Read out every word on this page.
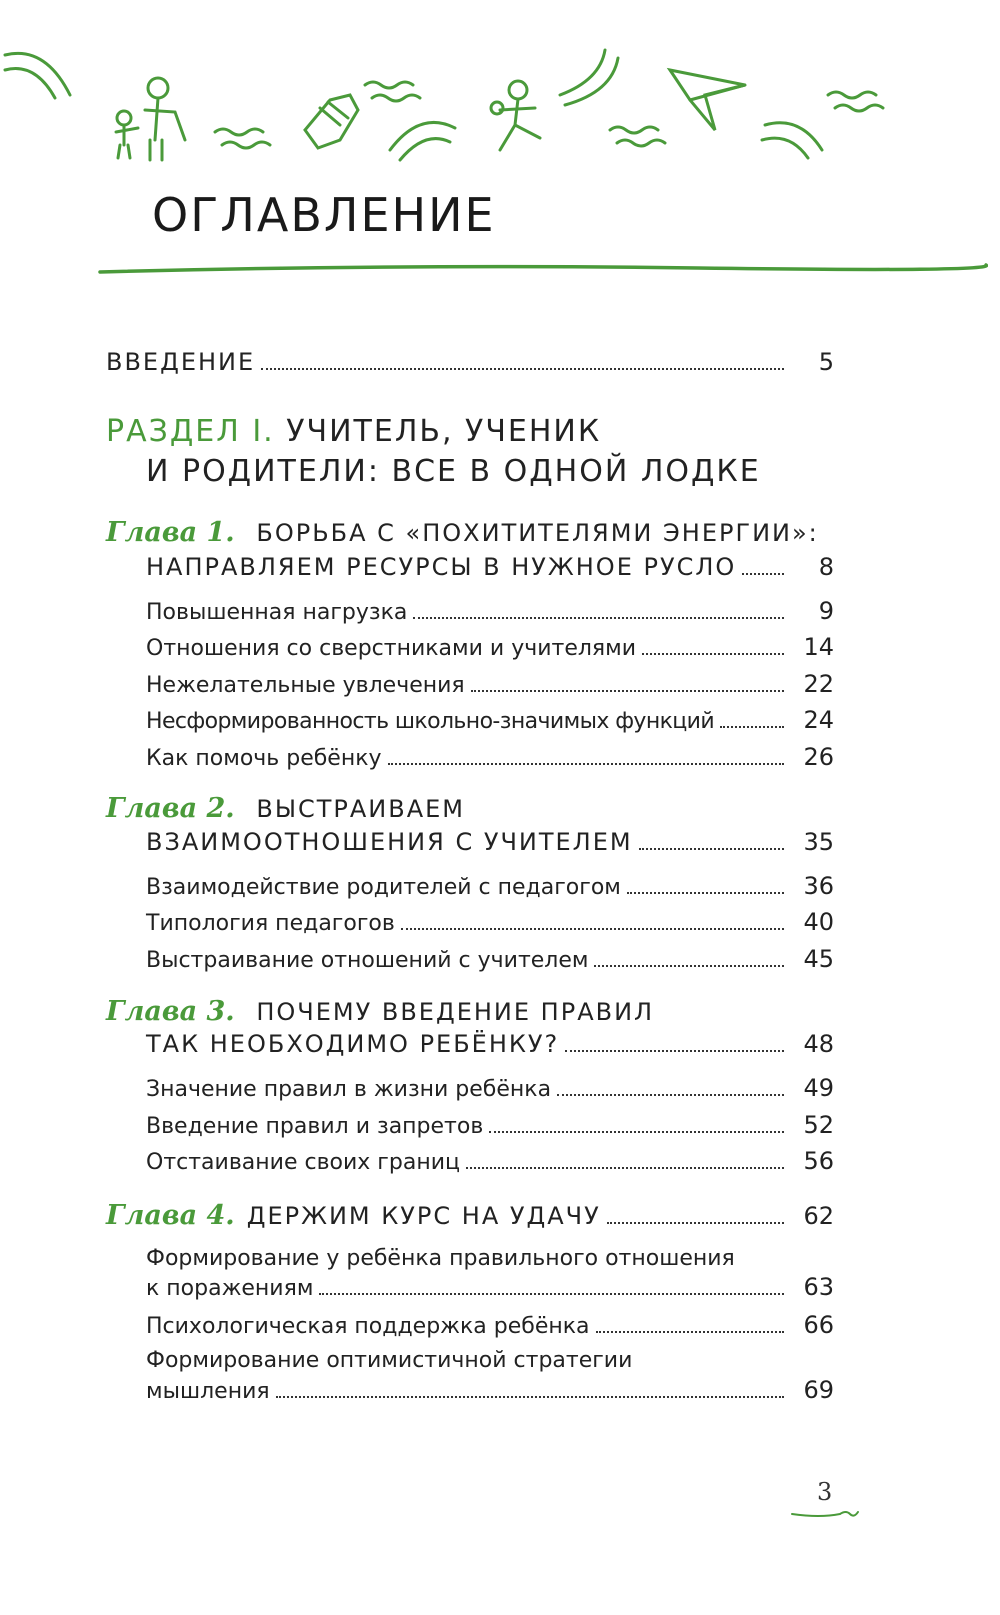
ОГЛАВЛЕНИЕ
ВВЕДЕНИЕ	5
РАЗДЕЛ I. УЧИТЕЛЬ, УЧЕНИК
И РОДИТЕЛИ: ВСЕ В ОДНОЙ ЛОДКЕ
Глава 1. БОРЬБА С «ПОХИТИТЕЛЯМИ ЭНЕРГИИ»:
НАПРАВЛЯЕМ РЕСУРСЫ В НУЖНОЕ РУСЛО	8
Повышенная нагрузка	9
Отношения со сверстниками и учителями	14
Нежелательные увлечения	22
Несформированность школьно-значимых функций	24
Как помочь ребёнку	26
Глава 2. ВЫСТРАИВАЕМ
ВЗАИМООТНОШЕНИЯ С УЧИТЕЛЕМ	35
Взаимодействие родителей с педагогом	36
Типология педагогов	40
Выстраивание отношений с учителем	45
Глава 3. ПОЧЕМУ ВВЕДЕНИЕ ПРАВИЛ
ТАК НЕОБХОДИМО РЕБЁНКУ?	48
Значение правил в жизни ребёнка	49
Введение правил и запретов	52
Отстаивание своих границ	56
Глава 4. ДЕРЖИМ КУРС НА УДАЧУ	62
Формирование у ребёнка правильного отношения
к поражениям	63
Психологическая поддержка ребёнка	66
Формирование оптимистичной стратегии
мышления	69
3
